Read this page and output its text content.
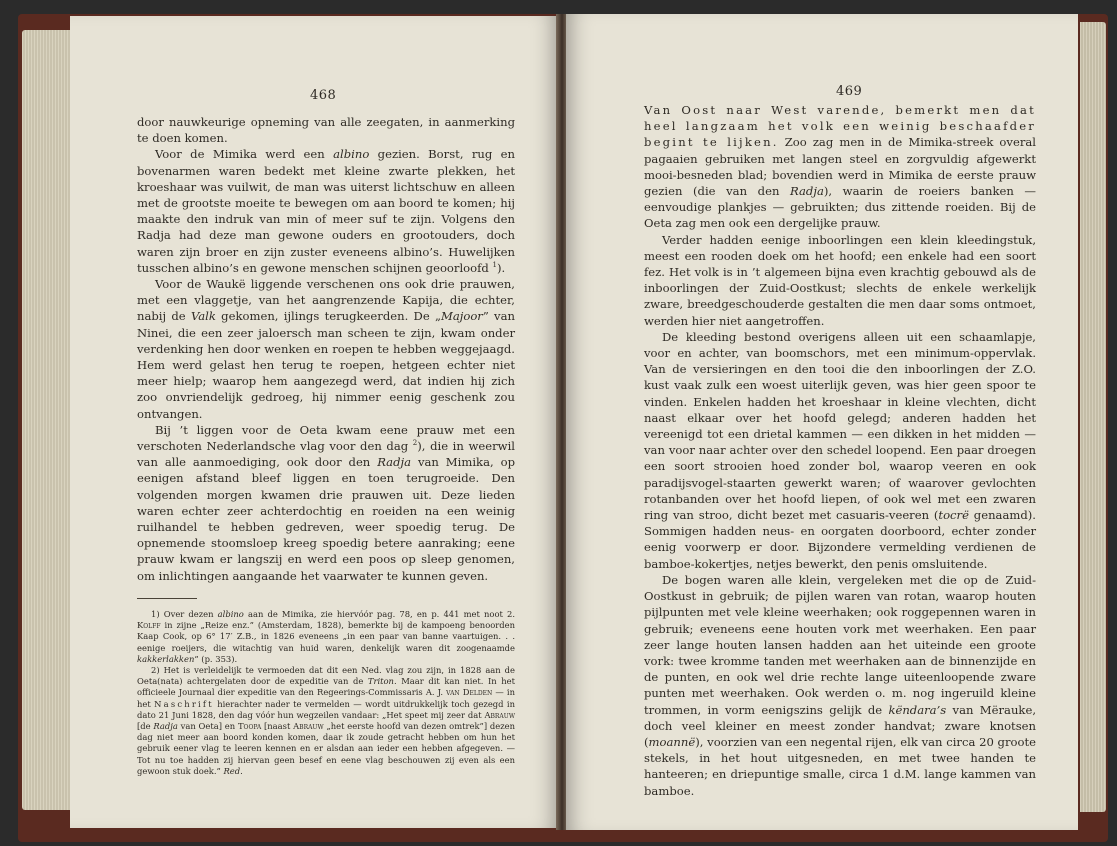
468

door nauwkeurige opneming van alle zeegaten, in aanmerking te doen komen.

Voor de Mimika werd een albino gezien. Borst, rug en bovenarmen waren bedekt met kleine zwarte plekken, het kroeshaar was vuilwit, de man was uiterst lichtschuw en alleen met de grootste moeite te bewegen om aan boord te komen; hij maakte den indruk van min of meer suf te zijn. Volgens den Radja had deze man gewone ouders en grootouders, doch waren zijn broer en zijn zuster eveneens albino’s. Huwelijken tusschen albino’s en gewone menschen schijnen geoorloofd $^1$).

Voor de Waukë liggende verschenen ons ook drie prauwen, met een vlaggetje, van het aangrenzende Kapija, die echter, nabij de Valk gekomen, ijlings terugkeerden. De „Majoor” van Ninei, die een zeer jaloersch man scheen te zijn, kwam onder verdenking hen door wenken en roepen te hebben weggejaagd. Hem werd gelast hen terug te roepen, hetgeen echter niet meer hielp; waarop hem aangezegd werd, dat indien hij zich zoo onvriendelijk gedroeg, hij nimmer eenig geschenk zou ontvangen.

Bij ’t liggen voor de Oeta kwam eene prauw met een verschoten Nederlandsche vlag voor den dag $^2$), die in weerwil van alle aanmoediging, ook door den Radja van Mimika, op eenigen afstand bleef liggen en toen terugroeide. Den volgenden morgen kwamen drie prauwen uit. Deze lieden waren echter zeer achterdochtig en roeiden na een weinig ruilhandel te hebben gedreven, weer spoedig terug. De opnemende stoomsloep kreeg spoedig betere aanraking; eene prauw kwam er langszij en werd een poos op sleep genomen, om inlichtingen aangaande het vaarwater te kunnen geven.

1) Over dezen albino aan de Mimika, zie hiervóór pag. 78, en p. 441 met noot 2. Kolff in zijne „Reize enz.” (Amsterdam, 1828), bemerkte bij de kampoeng benoorden Kaap Cook, op 6° 17′ Z.B., in 1826 eveneens „in een paar van banne vaartuigen. . . eenige roeijers, die witachtig van huid waren, denkelijk waren dit zoogenaamde kakkerlakken” (p. 353).

2) Het is verleidelijk te vermoeden dat dit een Ned. vlag zou zijn, in 1828 aan de Oeta(nata) achtergelaten door de expeditie van de Triton. Maar dit kan niet. In het officieele Journaal dier expeditie van den Regeerings-Commissaris A. J. van Delden — in het Naschrift hierachter nader te vermelden — wordt uitdrukkelijk toch gezegd in dato 21 Juni 1828, den dag vóór hun wegzeilen vandaar: „Het speet mij zeer dat Abrauw [de Radja van Oeta] en Toopa [naast Abrauw „het eerste hoofd van dezen omtrek”] dezen dag niet meer aan boord konden komen, daar ik zoude getracht hebben om hun het gebruik eener vlag te leeren kennen en er alsdan aan ieder een hebben afgegeven. — Tot nu toe hadden zij hiervan geen besef en eene vlag beschouwen zij even als een gewoon stuk doek.” Red.

469

Van Oost naar West varende, bemerkt men dat heel langzaam het volk een weinig beschaafder begint te lijken. Zoo zag men in de Mimika-streek overal pagaaien gebruiken met langen steel en zorgvuldig afgewerkt mooi-besneden blad; bovendien werd in Mimika de eerste prauw gezien (die van den Radja), waarin de roeiers banken — eenvoudige plankjes — gebruikten; dus zittende roeiden. Bij de Oeta zag men ook een dergelijke prauw.

Verder hadden eenige inboorlingen een klein kleedingstuk, meest een rooden doek om het hoofd; een enkele had een soort fez. Het volk is in ’t algemeen bijna even krachtig gebouwd als de inboorlingen der Zuid-Oostkust; slechts de enkele werkelijk zware, breedgeschouderde gestalten die men daar soms ontmoet, werden hier niet aangetroffen.

De kleeding bestond overigens alleen uit een schaamlapje, voor en achter, van boomschors, met een minimum-oppervlak. Van de versieringen en den tooi die den inboorlingen der Z.O. kust vaak zulk een woest uiterlijk geven, was hier geen spoor te vinden. Enkelen hadden het kroeshaar in kleine vlechten, dicht naast elkaar over het hoofd gelegd; anderen hadden het vereenigd tot een drietal kammen — een dikken in het midden — van voor naar achter over den schedel loopend. Een paar droegen een soort strooien hoed zonder bol, waarop veeren en ook paradijsvogel-staarten gewerkt waren; of waarover gevlochten rotanbanden over het hoofd liepen, of ook wel met een zwaren ring van stroo, dicht bezet met casuaris-veeren (tocrë genaamd). Sommigen hadden neus- en oorgaten doorboord, echter zonder eenig voorwerp er door. Bijzondere vermelding verdienen de bamboe-kokertjes, netjes bewerkt, den penis omsluitende.

De bogen waren alle klein, vergeleken met die op de Zuid-Oostkust in gebruik; de pijlen waren van rotan, waarop houten pijlpunten met vele kleine weerhaken; ook roggepennen waren in gebruik; eveneens eene houten vork met weerhaken. Een paar zeer lange houten lansen hadden aan het uiteinde een groote vork: twee kromme tanden met weerhaken aan de binnenzijde en de punten, en ook wel drie rechte lange uiteenloopende zware punten met weerhaken. Ook werden o. m. nog ingeruild kleine trommen, in vorm eenigszins gelijk de këndara’s van Mërauke, doch veel kleiner en meest zonder handvat; zware knotsen (moannë), voorzien van een negental rijen, elk van circa 20 groote stekels, in het hout uitgesneden, en met twee handen te hanteeren; en driepuntige smalle, circa 1 d.M. lange kammen van bamboe.
